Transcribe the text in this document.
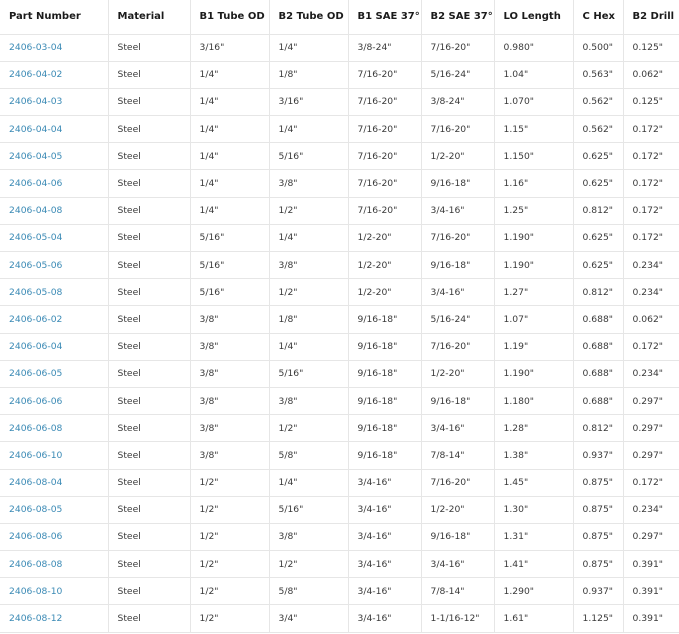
Part Number	Material	B1 Tube OD	B2 Tube OD	B1 SAE 37°	B2 SAE 37°	LO Length	C Hex	B2 Drill
2406-03-04	Steel	3/16"	1/4"	3/8-24"	7/16-20"	0.980"	0.500"	0.125"
2406-04-02	Steel	1/4"	1/8"	7/16-20"	5/16-24"	1.04"	0.563"	0.062"
2406-04-03	Steel	1/4"	3/16"	7/16-20"	3/8-24"	1.070"	0.562"	0.125"
2406-04-04	Steel	1/4"	1/4"	7/16-20"	7/16-20"	1.15"	0.562"	0.172"
2406-04-05	Steel	1/4"	5/16"	7/16-20"	1/2-20"	1.150"	0.625"	0.172"
2406-04-06	Steel	1/4"	3/8"	7/16-20"	9/16-18"	1.16"	0.625"	0.172"
2406-04-08	Steel	1/4"	1/2"	7/16-20"	3/4-16"	1.25"	0.812"	0.172"
2406-05-04	Steel	5/16"	1/4"	1/2-20"	7/16-20"	1.190"	0.625"	0.172"
2406-05-06	Steel	5/16"	3/8"	1/2-20"	9/16-18"	1.190"	0.625"	0.234"
2406-05-08	Steel	5/16"	1/2"	1/2-20"	3/4-16"	1.27"	0.812"	0.234"
2406-06-02	Steel	3/8"	1/8"	9/16-18"	5/16-24"	1.07"	0.688"	0.062"
2406-06-04	Steel	3/8"	1/4"	9/16-18"	7/16-20"	1.19"	0.688"	0.172"
2406-06-05	Steel	3/8"	5/16"	9/16-18"	1/2-20"	1.190"	0.688"	0.234"
2406-06-06	Steel	3/8"	3/8"	9/16-18"	9/16-18"	1.180"	0.688"	0.297"
2406-06-08	Steel	3/8"	1/2"	9/16-18"	3/4-16"	1.28"	0.812"	0.297"
2406-06-10	Steel	3/8"	5/8"	9/16-18"	7/8-14"	1.38"	0.937"	0.297"
2406-08-04	Steel	1/2"	1/4"	3/4-16"	7/16-20"	1.45"	0.875"	0.172"
2406-08-05	Steel	1/2"	5/16"	3/4-16"	1/2-20"	1.30"	0.875"	0.234"
2406-08-06	Steel	1/2"	3/8"	3/4-16"	9/16-18"	1.31"	0.875"	0.297"
2406-08-08	Steel	1/2"	1/2"	3/4-16"	3/4-16"	1.41"	0.875"	0.391"
2406-08-10	Steel	1/2"	5/8"	3/4-16"	7/8-14"	1.290"	0.937"	0.391"
2406-08-12	Steel	1/2"	3/4"	3/4-16"	1-1/16-12"	1.61"	1.125"	0.391"
